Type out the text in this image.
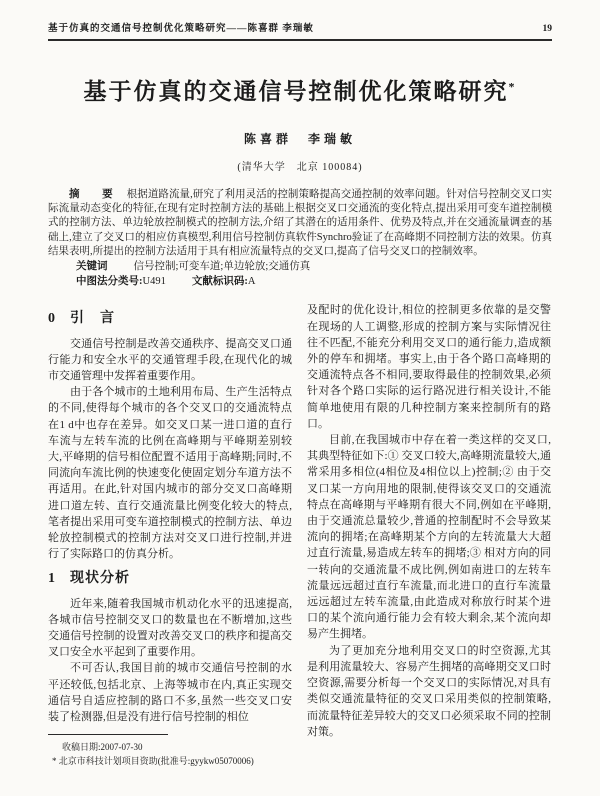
基于仿真的交通信号控制优化策略研究——陈喜群 李瑞敏	19
基于仿真的交通信号控制优化策略研究*
陈喜群　李瑞敏
(清华大学　北京 100084)

摘　要 根据道路流量,研究了利用灵活的控制策略提高交通控制的效率问题。针对信号控制交叉口实际流量动态变化的特征,在现有定时控制方法的基础上根据交叉口交通流的变化特点,提出采用可变车道控制模式的控制方法、单边轮放控制模式的控制方法,介绍了其潜在的适用条件、优势及特点,并在交通流量调查的基础上,建立了交叉口的相应仿真模型,利用信号控制仿真软件Synchro验证了在高峰期不同控制方法的效果。仿真结果表明,所提出的控制方法适用于具有相应流量特点的交叉口,提高了信号交叉口的控制效率。

关键词 信号控制;可变车道;单边轮放;交通仿真

中图法分类号:U491 文献标识码:A

0 引　言

交通信号控制是改善交通秩序、提高交叉口通行能力和安全水平的交通管理手段,在现代化的城市交通管理中发挥着重要作用。

由于各个城市的土地利用布局、生产生活特点的不同,使得每个城市的各个交叉口的交通流特点在1 d中也存在差异。如交叉口某一进口道的直行车流与左转车流的比例在高峰期与平峰期差别较大,平峰期的信号相位配置不适用于高峰期;同时,不同流向车流比例的快速变化使固定划分车道方法不再适用。在此,针对国内城市的部分交叉口高峰期进口道左转、直行交通流量比例变化较大的特点,笔者提出采用可变车道控制模式的控制方法、单边轮放控制模式的控制方法对交叉口进行控制,并进行了实际路口的仿真分析。

1 现状分析

近年来,随着我国城市机动化水平的迅速提高,各城市信号控制交叉口的数量也在不断增加,这些交通信号控制的设置对改善交叉口的秩序和提高交叉口安全水平起到了重要作用。

不可否认,我国目前的城市交通信号控制的水平还较低,包括北京、上海等城市在内,真正实现交通信号自适应控制的路口不多,虽然一些交叉口安装了检测器,但是没有进行信号控制的相位

收稿日期:2007-07-30
* 北京市科技计划项目资助(批准号:gyykw05070006)

及配时的优化设计,相位的控制更多依靠的是交警在现场的人工调整,形成的控制方案与实际情况往往不匹配,不能充分利用交叉口的通行能力,造成额外的停车和拥堵。事实上,由于各个路口高峰期的交通流特点各不相同,要取得最佳的控制效果,必须针对各个路口实际的运行路况进行相关设计,不能简单地使用有限的几种控制方案来控制所有的路口。

目前,在我国城市中存在着一类这样的交叉口,其典型特征如下:① 交叉口较大,高峰期流量较大,通常采用多相位(4相位及4相位以上)控制;② 由于交叉口某一方向用地的限制,使得该交叉口的交通流特点在高峰期与平峰期有很大不同,例如在平峰期,由于交通流总量较少,普通的控制配时不会导致某流向的拥堵;在高峰期某个方向的左转流量大大超过直行流量,易造成左转车的拥堵;③ 相对方向的同一转向的交通流量不成比例,例如南进口的左转车流量远远超过直行车流量,而北进口的直行车流量远远超过左转车流量,由此造成对称放行时某个进口的某个流向通行能力会有较大剩余,某个流向却易产生拥堵。

为了更加充分地利用交叉口的时空资源,尤其是利用流量较大、容易产生拥堵的高峰期交叉口时空资源,需要分析每一个交叉口的实际情况,对具有类似交通流量特征的交叉口采用类似的控制策略,而流量特征差异较大的交叉口必须采取不同的控制对策。
